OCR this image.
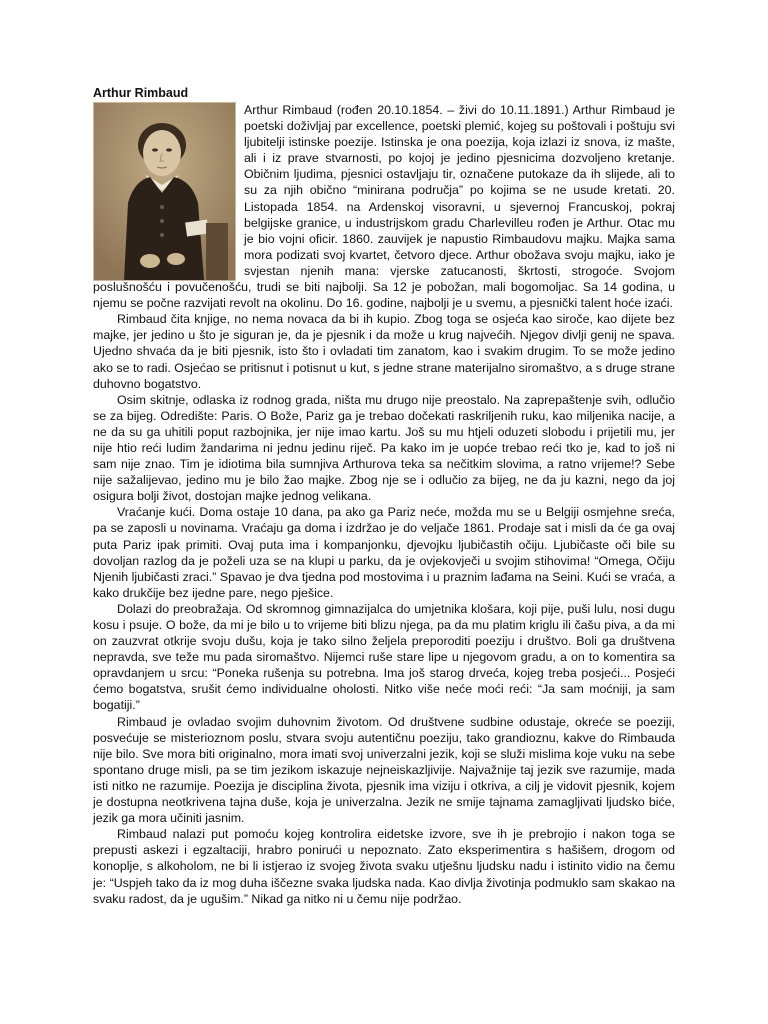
Arthur Rimbaud

Arthur Rimbaud (rođen 20.10.1854. – živi do 10.11.1891.) Arthur Rimbaud je poetski doživljaj par excellence, poetski plemić, kojeg su poštovali i poštuju svi ljubitelji istinske poezije. Istinska je ona poezija, koja izlazi iz snova, iz mašte, ali i iz prave stvarnosti, po kojoj je jedino pjesnicima dozvoljeno kretanje. Običnim ljudima, pjesnici ostavljaju tir, označene putokaze da ih slijede, ali to su za njih obično “minirana područja” po kojima se ne usude kretati. 20. Listopada 1854. na Ardenskoj visoravni, u sjevernoj Francuskoj, pokraj belgijske granice, u industrijskom gradu Charlevilleu rođen je Arthur. Otac mu je bio vojni oficir. 1860. zauvijek je napustio Rimbaudovu majku. Majka sama mora podizati svoj kvartet, četvoro djece. Arthur obožava svoju majku, iako je svjestan njenih mana: vjerske zatucanosti, škrtosti, strogoće. Svojom poslušnošću i povučenošću, trudi se biti najbolji. Sa 12 je pobožan, mali bogomoljac. Sa 14 godina, u njemu se počne razvijati revolt na okolinu. Do 16. godine, najbolji je u svemu, a pjesnički talent hoće izaći.

Rimbaud čita knjige, no nema novaca da bi ih kupio. Zbog toga se osjeća kao siroče, kao dijete bez majke, jer jedino u što je siguran je, da je pjesnik i da može u krug najvećih. Njegov divlji genij ne spava. Ujedno shvaća da je biti pjesnik, isto što i ovladati tim zanatom, kao i svakim drugim. To se može jedino ako se to radi. Osjećao se pritisnut i potisnut u kut, s jedne strane materijalno siromaštvo, a s druge strane duhovno bogatstvo.

Osim skitnje, odlaska iz rodnog grada, ništa mu drugo nije preostalo. Na zaprepaštenje svih, odlučio se za bijeg. Odredište: Paris. O Bože, Pariz ga je trebao dočekati raskriljenih ruku, kao miljenika nacije, a ne da su ga uhitili poput razbojnika, jer nije imao kartu. Još su mu htjeli oduzeti slobodu i prijetili mu, jer nije htio reći ludim žandarima ni jednu jedinu riječ. Pa kako im je uopće trebao reći tko je, kad to još ni sam nije znao. Tim je idiotima bila sumnjiva Arthurova teka sa nečitkim slovima, a ratno vrijeme!? Sebe nije sažalijevao, jedino mu je bilo žao majke. Zbog nje se i odlučio za bijeg, ne da ju kazni, nego da joj osigura bolji život, dostojan majke jednog velikana.

Vraćanje kući. Doma ostaje 10 dana, pa ako ga Pariz neće, možda mu se u Belgiji osmjehne sreća, pa se zaposli u novinama. Vraćaju ga doma i izdržao je do veljače 1861. Prodaje sat i misli da će ga ovaj puta Pariz ipak primiti. Ovaj puta ima i kompanjonku, djevojku ljubičastih očiju. Ljubičaste oči bile su dovoljan razlog da je poželi uza se na klupi u parku, da je ovjekovječi u svojim stihovima! “Omega, Očiju Njenih ljubičasti zraci.” Spavao je dva tjedna pod mostovima i u praznim lađama na Seini. Kući se vraća, a kako drukčije bez ijedne pare, nego pješice.

Dolazi do preobražaja. Od skromnog gimnazijalca do umjetnika klošara, koji pije, puši lulu, nosi dugu kosu i psuje. O bože, da mi je bilo u to vrijeme biti blizu njega, pa da mu platim kriglu ili čašu piva, a da mi on zauzvrat otkrije svoju dušu, koja je tako silno željela preporoditi poeziju i društvo. Boli ga društvena nepravda, sve teže mu pada siromaštvo. Nijemci ruše stare lipe u njegovom gradu, a on to komentira sa opravdanjem u srcu: “Poneka rušenja su potrebna. Ima još starog drveća, kojeg treba posjeći... Posjeći ćemo bogatstva, srušit ćemo individualne oholosti. Nitko više neće moći reći: “Ja sam moćniji, ja sam bogatiji.”

Rimbaud je ovladao svojim duhovnim životom. Od društvene sudbine odustaje, okreće se poeziji, posvećuje se misterioznom poslu, stvara svoju autentičnu poeziju, tako grandioznu, kakve do Rimbauda nije bilo. Sve mora biti originalno, mora imati svoj univerzalni jezik, koji se služi mislima koje vuku na sebe spontano druge misli, pa se tim jezikom iskazuje nejneiskazljivije. Najvažnije taj jezik sve razumije, mada isti nitko ne razumije. Poezija je disciplina života, pjesnik ima viziju i otkriva, a cilj je vidovit pjesnik, kojem je dostupna neotkrivena tajna duše, koja je univerzalna. Jezik ne smije tajnama zamagljivati ljudsko biće, jezik ga mora učiniti jasnim.

Rimbaud nalazi put pomoću kojeg kontrolira eidetske izvore, sve ih je prebrojio i nakon toga se prepusti askezi i egzaltaciji, hrabro ponirući u nepoznato. Zato eksperimentira s hašišem, drogom od konoplje, s alkoholom, ne bi li istjerao iz svojeg života svaku utješnu ljudsku nadu i istinito vidio na čemu je: “Uspjeh tako da iz mog duha iščezne svaka ljudska nada. Kao divlja životinja podmuklo sam skakao na svaku radost, da je ugušim.” Nikad ga nitko ni u čemu nije podržao.
